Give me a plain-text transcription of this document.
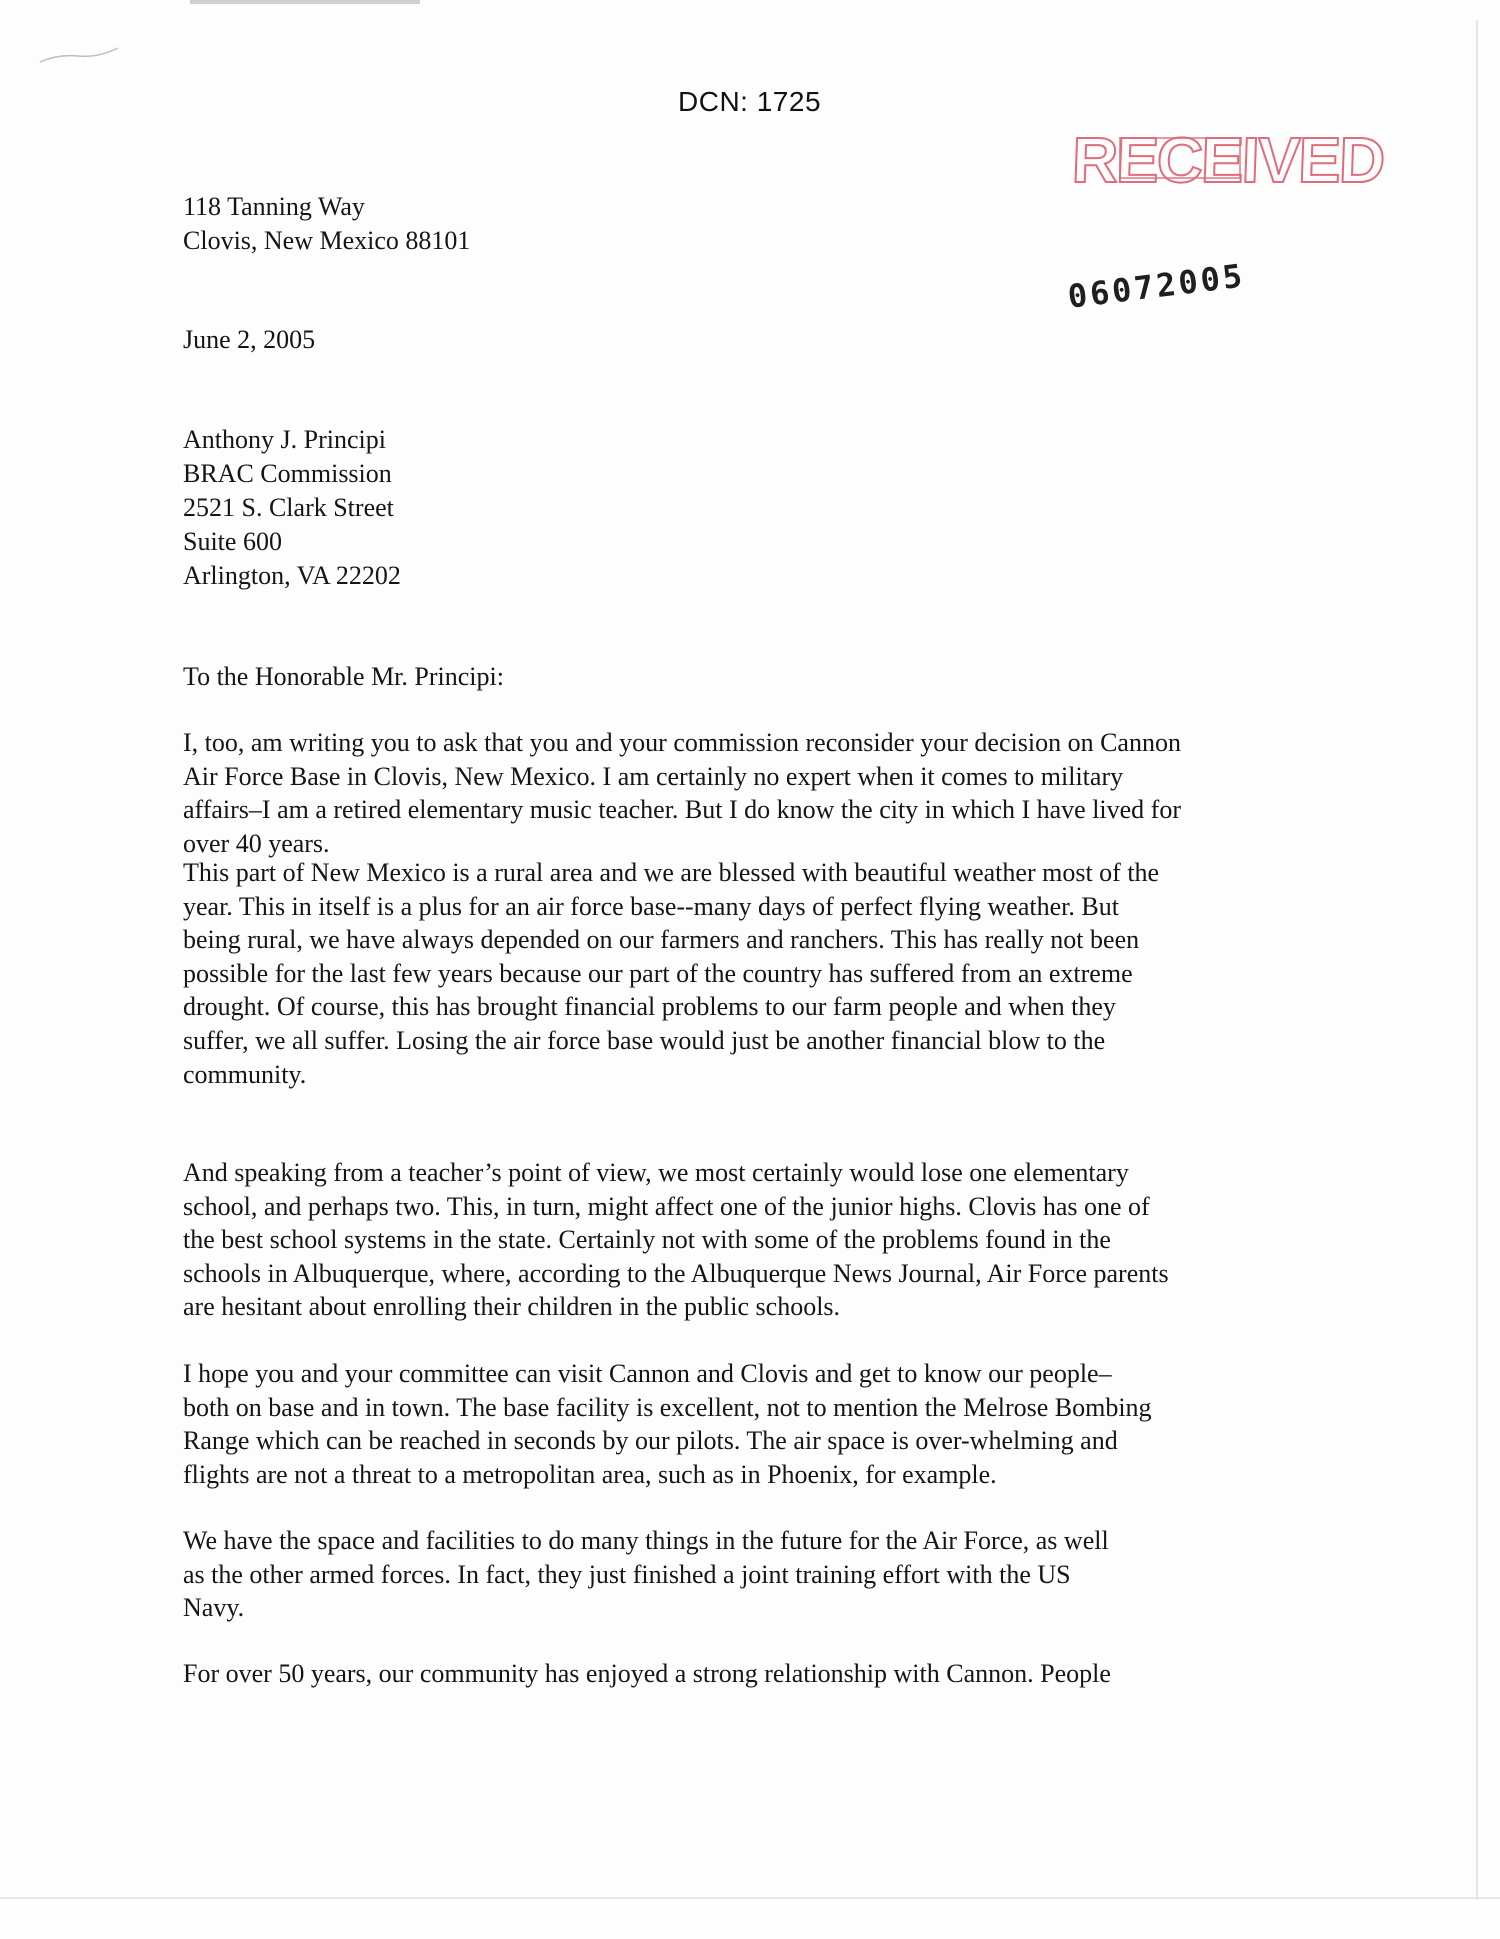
DCN: 1725
RECEIVED
06072005
118 Tanning Way
Clovis, New Mexico 88101
June 2, 2005
Anthony J. Principi
BRAC Commission
2521 S. Clark Street
Suite 600
Arlington, VA 22202
To the Honorable Mr. Principi:
I, too, am writing you to ask that you and your commission reconsider your decision on Cannon
Air Force Base in Clovis, New Mexico. I am certainly no expert when it comes to military
affairs–I am a retired elementary music teacher. But I do know the city in which I have lived for
over 40 years.
This part of New Mexico is a rural area and we are blessed with beautiful weather most of the
year. This in itself is a plus for an air force base--many days of perfect flying weather. But
being rural, we have always depended on our farmers and ranchers. This has really not been
possible for the last few years because our part of the country has suffered from an extreme
drought. Of course, this has brought financial problems to our farm people and when they
suffer, we all suffer. Losing the air force base would just be another financial blow to the
community.
And speaking from a teacher’s point of view, we most certainly would lose one elementary
school, and perhaps two. This, in turn, might affect one of the junior highs. Clovis has one of
the best school systems in the state. Certainly not with some of the problems found in the
schools in Albuquerque, where, according to the Albuquerque News Journal, Air Force parents
are hesitant about enrolling their children in the public schools.
I hope you and your committee can visit Cannon and Clovis and get to know our people–
both on base and in town. The base facility is excellent, not to mention the Melrose Bombing
Range which can be reached in seconds by our pilots. The air space is over-whelming and
flights are not a threat to a metropolitan area, such as in Phoenix, for example.
We have the space and facilities to do many things in the future for the Air Force, as well
as the other armed forces. In fact, they just finished a joint training effort with the US
Navy.
For over 50 years, our community has enjoyed a strong relationship with Cannon. People
